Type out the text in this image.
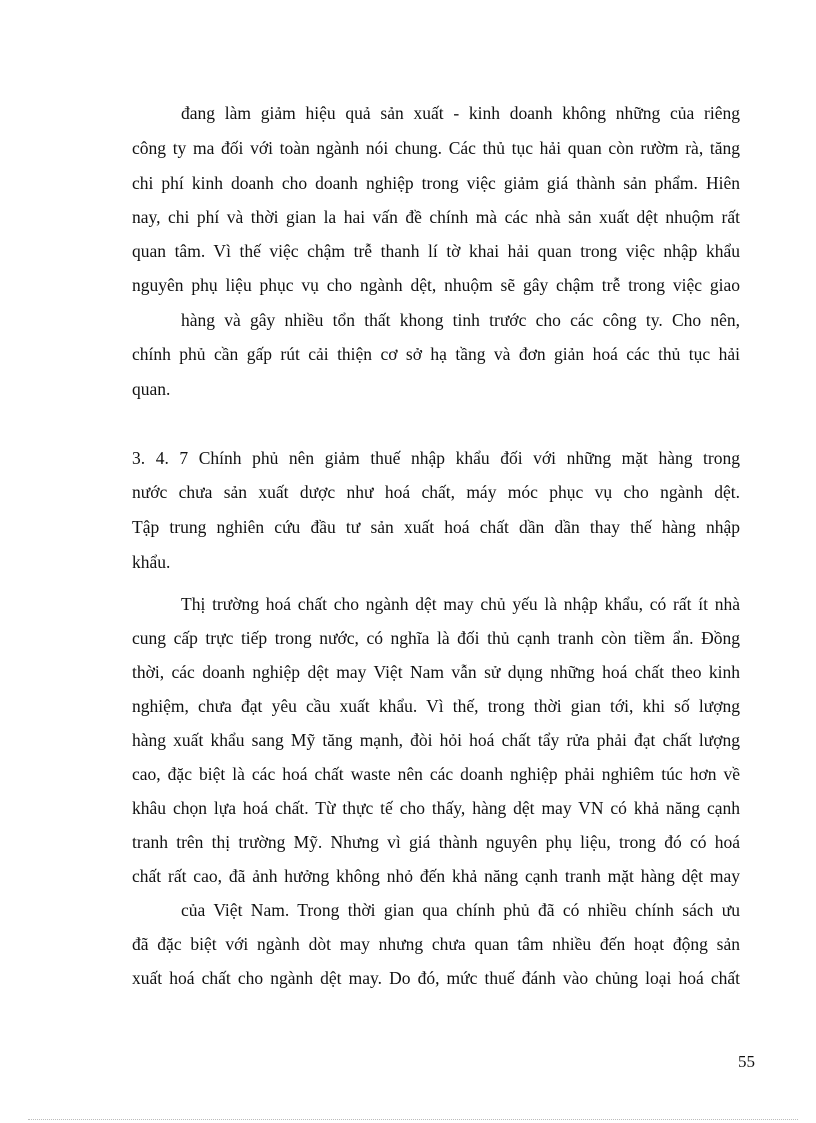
đang làm giảm hiệu quả sản xuất - kinh doanh không những của riêng
công ty ma đối với toàn ngành nói chung. Các thủ tục hải quan còn rườm rà, tăng
chi phí kinh doanh cho doanh nghiệp trong việc giảm giá thành sản phẩm. Hiên
nay, chi phí và thời gian la hai vấn đề chính mà các nhà sản xuất dệt nhuộm rất
quan tâm. Vì thế việc chậm trễ thanh lí tờ khai hải quan trong việc nhập khẩu
nguyên phụ liệu phục vụ cho ngành dệt, nhuộm sẽ gây chậm trễ trong việc giao
hàng và gây nhiều tổn thất khong tinh trước cho các công ty. Cho nên,
chính phủ cần gấp rút cải thiện cơ sở hạ tầng và đơn giản hoá các thủ tục hải
quan.
3. 4. 7 Chính phủ nên giảm thuế nhập khẩu đối với những mặt hàng trong
nước chưa sản xuất dược như hoá chất, máy móc phục vụ cho ngành dệt.
Tập trung nghiên cứu đầu tư sản xuất hoá chất dần dần thay thế hàng nhập
khẩu.
Thị trường hoá chất cho ngành dệt may chủ yếu là nhập khẩu, có rất ít nhà
cung cấp trực tiếp trong nước, có nghĩa là đối thủ cạnh tranh còn tiềm ẩn. Đồng
thời, các doanh nghiệp dệt may Việt Nam vẫn sử dụng những hoá chất theo kinh
nghiệm, chưa đạt yêu cầu xuất khẩu. Vì thế, trong thời gian tới, khi số lượng
hàng xuất khẩu sang Mỹ tăng mạnh, đòi hỏi hoá chất tẩy rửa phải đạt chất lượng
cao, đặc biệt là các hoá chất waste nên các doanh nghiệp phải nghiêm túc hơn về
khâu chọn lựa hoá chất. Từ thực tế cho thấy, hàng dệt may VN có khả năng cạnh
tranh trên thị trường Mỹ. Nhưng vì giá thành nguyên phụ liệu, trong đó có hoá
chất rất cao, đã ảnh hưởng không nhỏ đến khả năng cạnh tranh mặt hàng dệt may
của Việt Nam. Trong thời gian qua chính phủ đã có nhiều chính sách ưu
đã đặc biệt với ngành dòt may nhưng chưa quan tâm nhiều đến hoạt động sản
xuất hoá chất cho ngành dệt may. Do đó, mức thuế đánh vào chủng loại hoá chất
55
